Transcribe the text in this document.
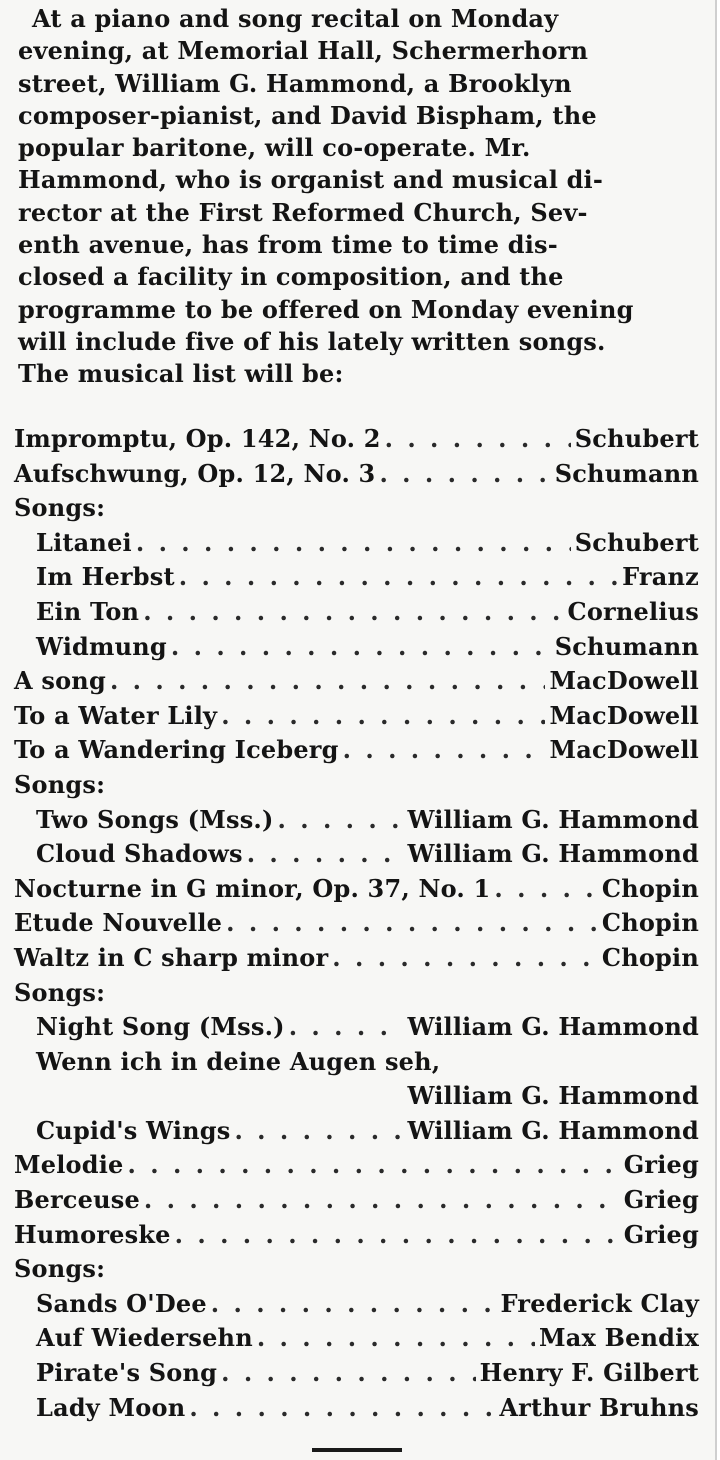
At a piano and song recital on Monday
evening, at Memorial Hall, Schermerhorn
street, William G. Hammond, a Brooklyn
composer-pianist, and David Bispham, the
popular baritone, will co-operate. Mr.
Hammond, who is organist and musical di-
rector at the First Reformed Church, Sev-
enth avenue, has from time to time dis-
closed a facility in composition, and the
programme to be offered on Monday evening
will include five of his lately written songs.
The musical list will be:
Impromptu, Op. 142, No. 2 . . .	Schubert
Aufschwung, Op. 12, No. 3 . . .	Schumann
Songs:
Litanei . . .	Schubert
Im Herbst . . .	Franz
Ein Ton . . .	Cornelius
Widmung . . .	Schumann
A song . . .	MacDowell
To a Water Lily . . .	MacDowell
To a Wandering Iceberg . . .	MacDowell
Songs:
Two Songs (Mss.) . . .	William G. Hammond
Cloud Shadows . . .	William G. Hammond
Nocturne in G minor, Op. 37, No. 1 . . .	Chopin
Etude Nouvelle . . .	Chopin
Waltz in C sharp minor . . .	Chopin
Songs:
Night Song (Mss.) . . .	William G. Hammond
Wenn ich in deine Augen seh,
William G. Hammond
Cupid's Wings . . .	William G. Hammond
Melodie . . .	Grieg
Berceuse . . .	Grieg
Humoreske . . .	Grieg
Songs:
Sands O'Dee . . .	Frederick Clay
Auf Wiedersehn . . .	Max Bendix
Pirate's Song . . .	Henry F. Gilbert
Lady Moon . . .	Arthur Bruhns
